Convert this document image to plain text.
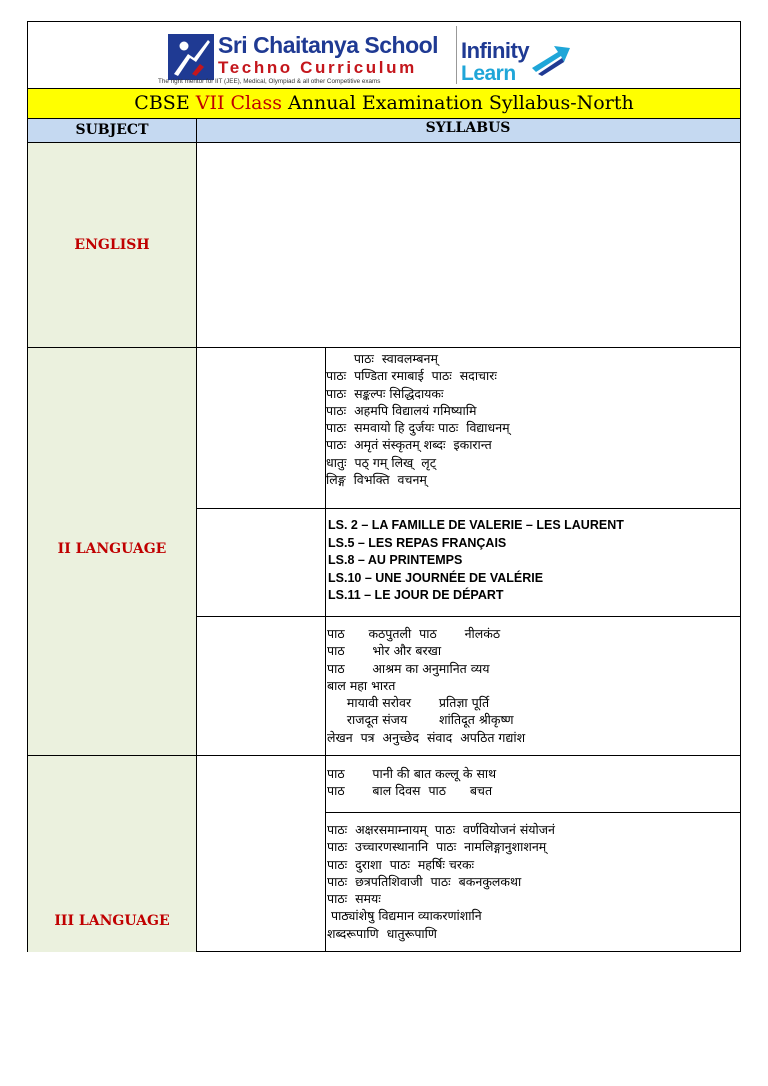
Sri Chaitanya School
Techno Curriculum
The right mentor for IIT (JEE), Medical, Olympiad & all other Competitive exams
Infinity
Learn
CBSE VII Class Annual Examination Syllabus-North
SUBJECT	SYLLABUS
ENGLISH
II LANGUAGE
III LANGUAGE
पाठः  स्वावलम्बनम्
पाठः  पण्डिता रमाबाई  पाठः  सदाचारः
पाठः  सङ्कल्पः सिद्धिदायकः
पाठः  अहमपि विद्यालयं गमिष्यामि
पाठः  समवायो हि दुर्जयः पाठः  विद्याधनम्
पाठः  अमृतं संस्कृतम् शब्दः  इकारान्त
धातुः  पठ् गम् लिख्  लृट्
लिङ्ग  विभक्ति  वचनम्
LS. 2 – LA FAMILLE DE VALERIE – LES LAURENT
LS.5 – LES REPAS FRANÇAIS
LS.8 – AU PRINTEMPS
LS.10 – UNE JOURNÉE DE VALÉRIE
LS.11 – LE JOUR DE DÉPART
पाठ      कठपुतली  पाठ       नीलकंठ
पाठ       भोर और बरखा
पाठ       आश्रम का अनुमानित व्यय
बाल महा भारत
मायावी सरोवर       प्रतिज्ञा पूर्ति
राजदूत संजय        शांतिदूत श्रीकृष्ण
लेखन  पत्र  अनुच्छेद  संवाद  अपठित गद्यांश
पाठ       पानी की बात कल्लू के साथ
पाठ       बाल दिवस  पाठ      बचत
पाठः  अक्षरसमाम्नायम्  पाठः  वर्णवियोजनं संयोजनं
पाठः  उच्चारणस्थानानि  पाठः  नामलिङ्गानुशाशनम्
पाठः  दुराशा  पाठः  महर्षिः चरकः
पाठः  छत्रपतिशिवाजी  पाठः  बकनकुलकथा
पाठः  समयः
पाठ्यांशेषु विद्यमान व्याकरणांशानि
शब्दरूपाणि  धातुरूपाणि
